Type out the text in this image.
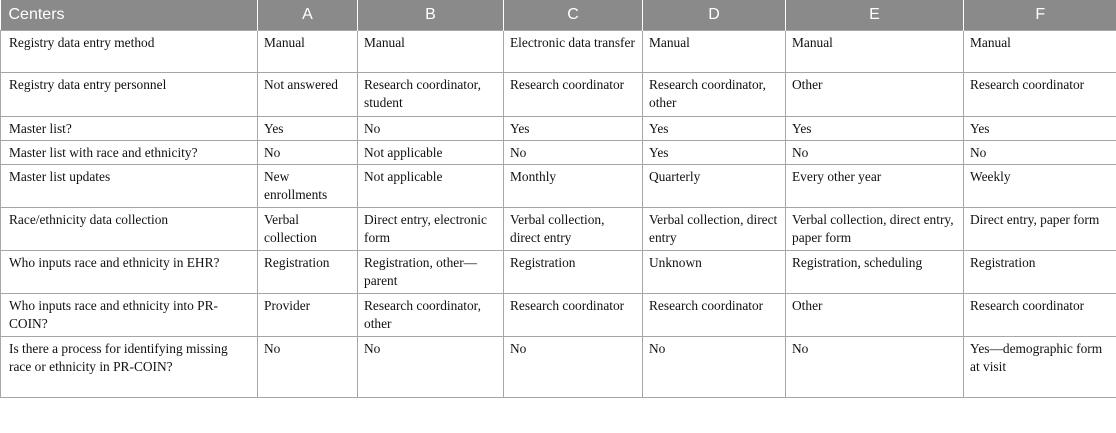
Centers	A	B	C	D	E	F
Registry data entry method	Manual	Manual	Electronic data transfer	Manual	Manual	Manual
Registry data entry personnel	Not answered	Research coordinator, student	Research coordinator	Research coordinator, other	Other	Research coordinator
Master list?	Yes	No	Yes	Yes	Yes	Yes
Master list with race and ethnicity?	No	Not applicable	No	Yes	No	No
Master list updates	New enrollments	Not applicable	Monthly	Quarterly	Every other year	Weekly
Race/ethnicity data collection	Verbal collection	Direct entry, electronic form	Verbal collection, direct entry	Verbal collection, direct entry	Verbal collection, direct entry, paper form	Direct entry, paper form
Who inputs race and ethnicity in EHR?	Registration	Registration, other—parent	Registration	Unknown	Registration, scheduling	Registration
Who inputs race and ethnicity into PR-COIN?	Provider	Research coordinator, other	Research coordinator	Research coordinator	Other	Research coordinator
Is there a process for identifying missing race or ethnicity in PR-COIN?	No	No	No	No	No	Yes—demographic form at visit
